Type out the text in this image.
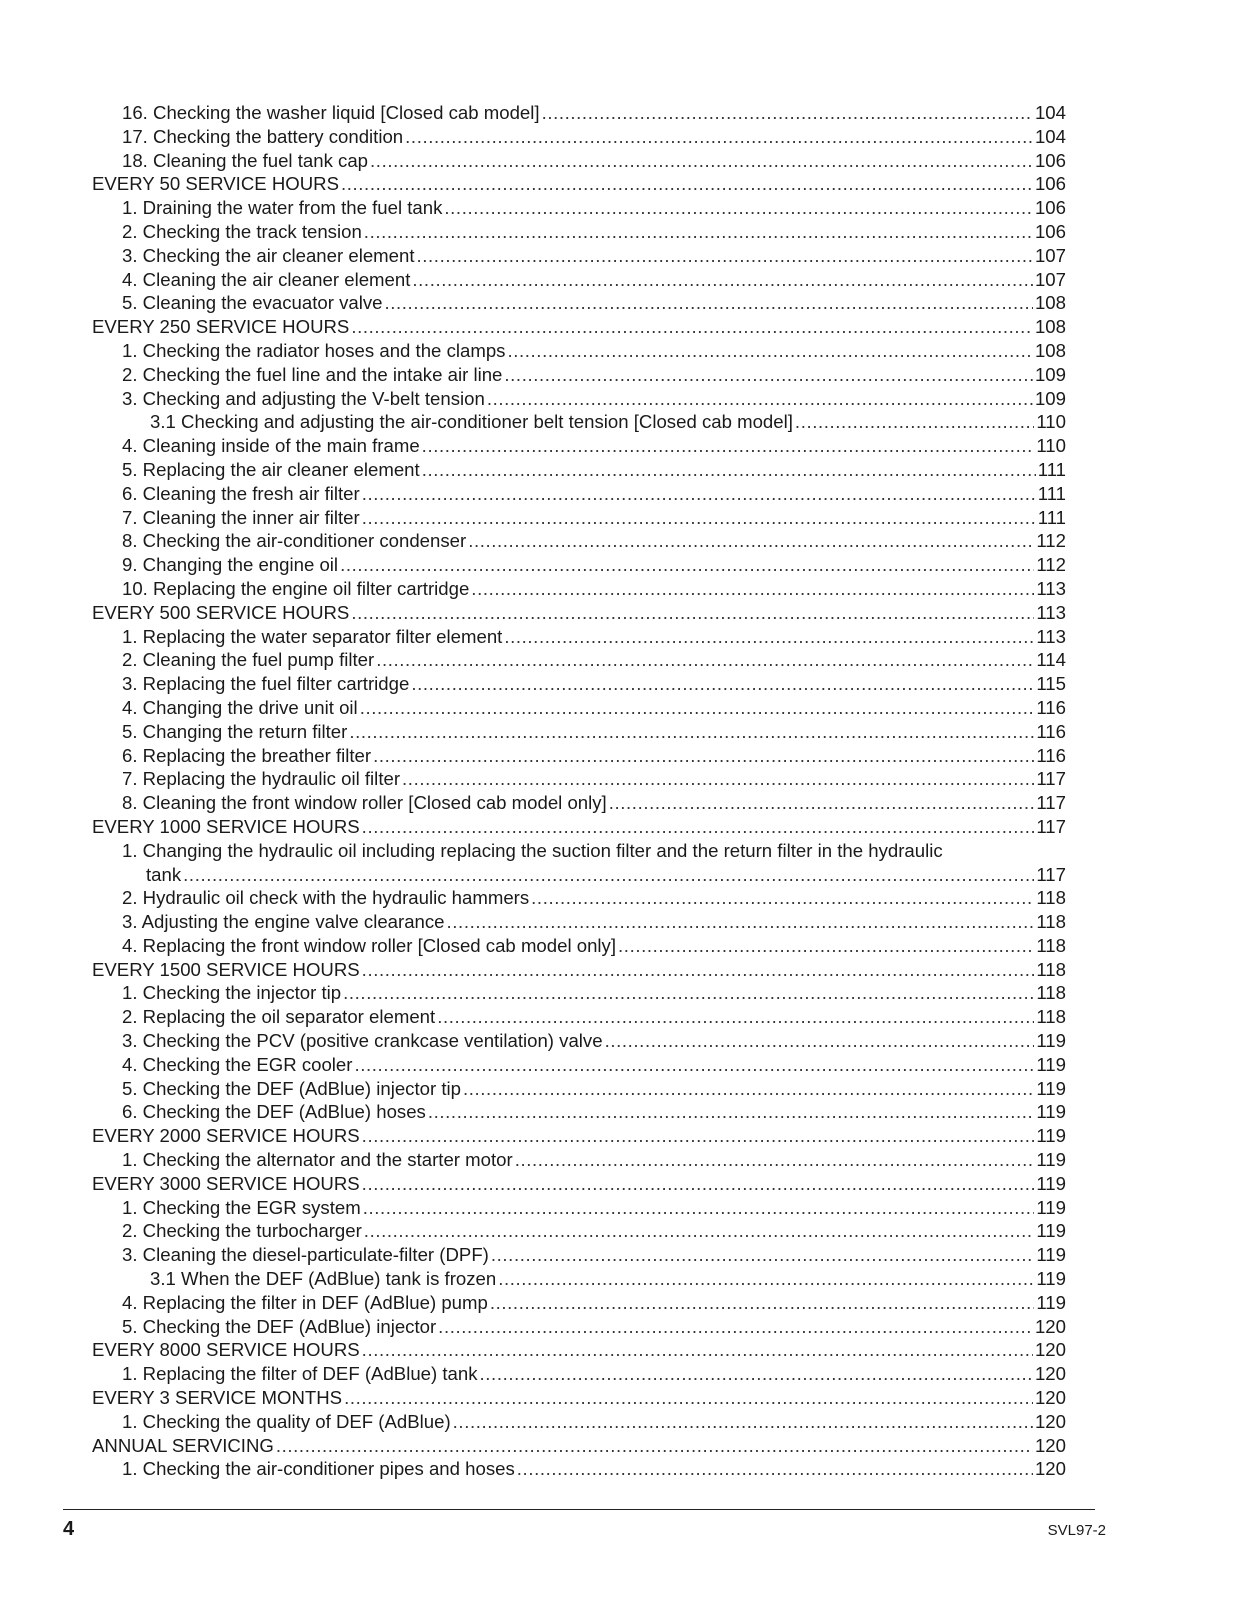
16. Checking the washer liquid [Closed cab model] .....	104
17. Checking the battery condition .....	104
18. Cleaning the fuel tank cap .....	106
EVERY 50 SERVICE HOURS .....	106
1. Draining the water from the fuel tank .....	106
2. Checking the track tension .....	106
3. Checking the air cleaner element .....	107
4. Cleaning the air cleaner element .....	107
5. Cleaning the evacuator valve .....	108
EVERY 250 SERVICE HOURS .....	108
1. Checking the radiator hoses and the clamps .....	108
2. Checking the fuel line and the intake air line .....	109
3. Checking and adjusting the V-belt tension .....	109
3.1 Checking and adjusting the air-conditioner belt tension [Closed cab model] .....	110
4. Cleaning inside of the main frame .....	110
5. Replacing the air cleaner element .....	111
6. Cleaning the fresh air filter .....	111
7. Cleaning the inner air filter .....	111
8. Checking the air-conditioner condenser .....	112
9. Changing the engine oil .....	112
10. Replacing the engine oil filter cartridge .....	113
EVERY 500 SERVICE HOURS .....	113
1. Replacing the water separator filter element .....	113
2. Cleaning the fuel pump filter .....	114
3. Replacing the fuel filter cartridge .....	115
4. Changing the drive unit oil .....	116
5. Changing the return filter .....	116
6. Replacing the breather filter .....	116
7. Replacing the hydraulic oil filter .....	117
8. Cleaning the front window roller [Closed cab model only] .....	117
EVERY 1000 SERVICE HOURS .....	117
1. Changing the hydraulic oil including replacing the suction filter and the return filter in the hydraulic
tank .....	117
2. Hydraulic oil check with the hydraulic hammers .....	118
3. Adjusting the engine valve clearance .....	118
4. Replacing the front window roller [Closed cab model only] .....	118
EVERY 1500 SERVICE HOURS .....	118
1. Checking the injector tip .....	118
2. Replacing the oil separator element .....	118
3. Checking the PCV (positive crankcase ventilation) valve .....	119
4. Checking the EGR cooler .....	119
5. Checking the DEF (AdBlue) injector tip .....	119
6. Checking the DEF (AdBlue) hoses .....	119
EVERY 2000 SERVICE HOURS .....	119
1. Checking the alternator and the starter motor .....	119
EVERY 3000 SERVICE HOURS .....	119
1. Checking the EGR system .....	119
2. Checking the turbocharger .....	119
3. Cleaning the diesel-particulate-filter (DPF) .....	119
3.1 When the DEF (AdBlue) tank is frozen .....	119
4. Replacing the filter in DEF (AdBlue) pump .....	119
5. Checking the DEF (AdBlue) injector .....	120
EVERY 8000 SERVICE HOURS .....	120
1. Replacing the filter of DEF (AdBlue) tank .....	120
EVERY 3 SERVICE MONTHS .....	120
1. Checking the quality of DEF (AdBlue) .....	120
ANNUAL SERVICING .....	120
1. Checking the air-conditioner pipes and hoses .....	120
4	SVL97-2
